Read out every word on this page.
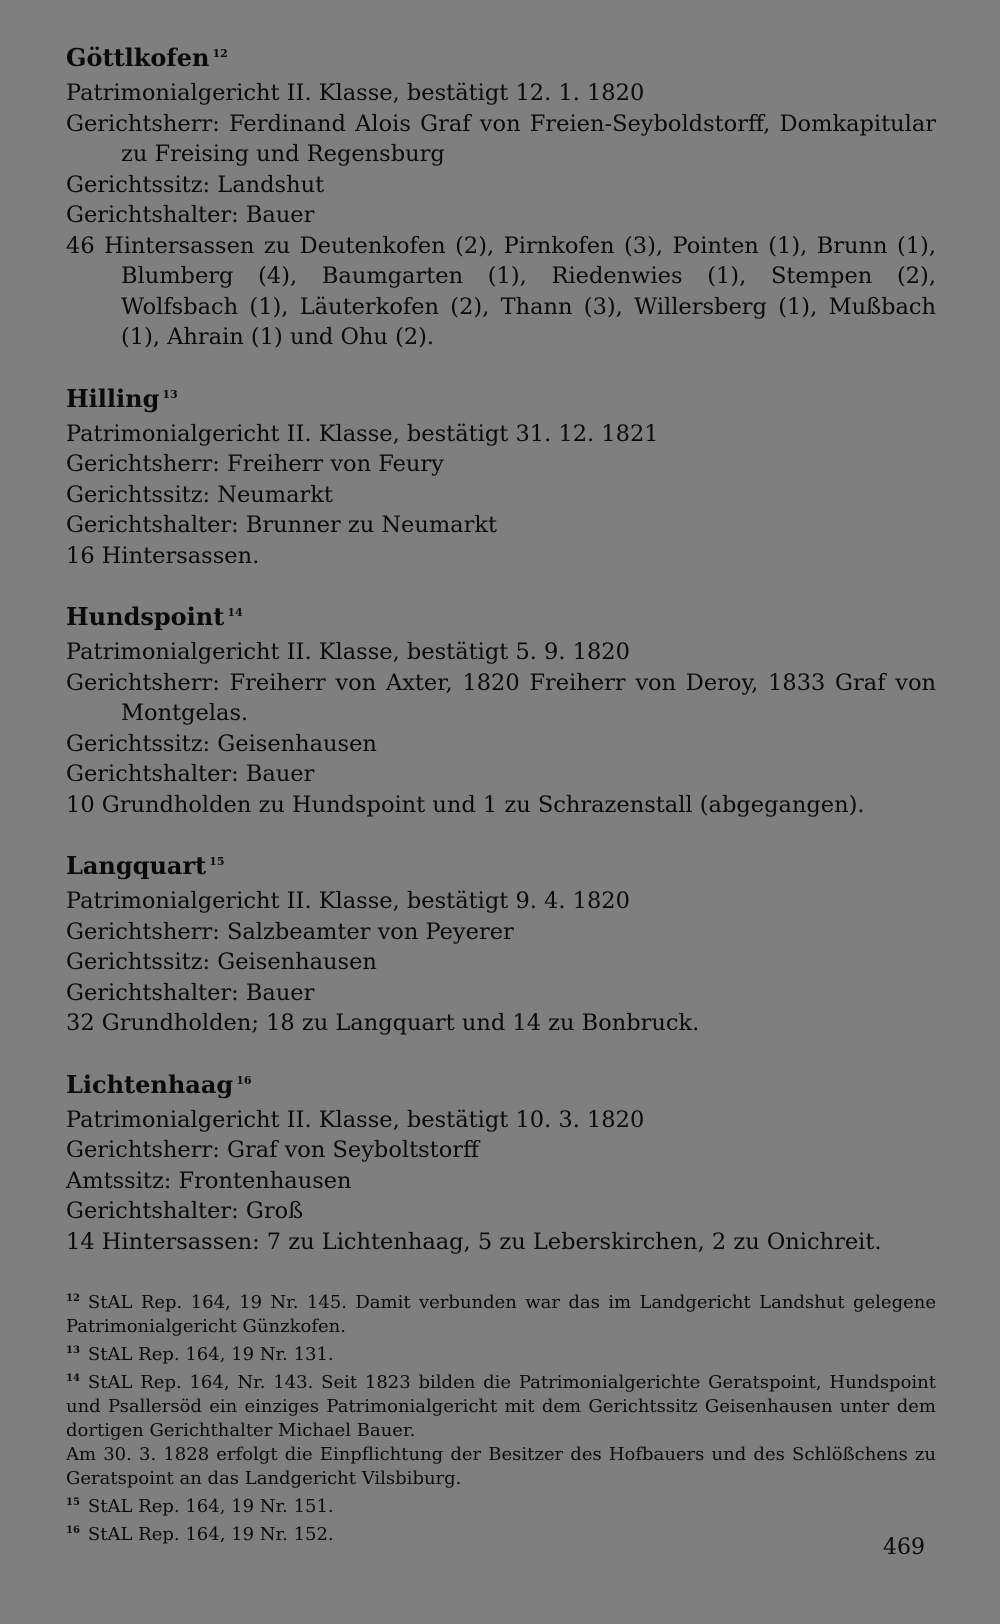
Göttlkofen $^{12}$
Patrimonialgericht II. Klasse, bestätigt 12. 1. 1820
Gerichtsherr: Ferdinand Alois Graf von Freien-Seyboldstorff, Domkapitular zu Freising und Regensburg
Gerichtssitz: Landshut
Gerichtshalter: Bauer
46 Hintersassen zu Deutenkofen (2), Pirnkofen (3), Pointen (1), Brunn (1), Blumberg (4), Baumgarten (1), Riedenwies (1), Stempen (2), Wolfsbach (1), Läuterkofen (2), Thann (3), Willersberg (1), Mußbach (1), Ahrain (1) und Ohu (2).
Hilling $^{13}$
Patrimonialgericht II. Klasse, bestätigt 31. 12. 1821
Gerichtsherr: Freiherr von Feury
Gerichtssitz: Neumarkt
Gerichtshalter: Brunner zu Neumarkt
16 Hintersassen.
Hundspoint $^{14}$
Patrimonialgericht II. Klasse, bestätigt 5. 9. 1820
Gerichtsherr: Freiherr von Axter, 1820 Freiherr von Deroy, 1833 Graf von Montgelas.
Gerichtssitz: Geisenhausen
Gerichtshalter: Bauer
10 Grundholden zu Hundspoint und 1 zu Schrazenstall (abgegangen).
Langquart $^{15}$
Patrimonialgericht II. Klasse, bestätigt 9. 4. 1820
Gerichtsherr: Salzbeamter von Peyerer
Gerichtssitz: Geisenhausen
Gerichtshalter: Bauer
32 Grundholden; 18 zu Langquart und 14 zu Bonbruck.
Lichtenhaag $^{16}$
Patrimonialgericht II. Klasse, bestätigt 10. 3. 1820
Gerichtsherr: Graf von Seyboltstorff
Amtssitz: Frontenhausen
Gerichtshalter: Groß
14 Hintersassen: 7 zu Lichtenhaag, 5 zu Leberskirchen, 2 zu Onichreit.
$^{12}$ StAL Rep. 164, 19 Nr. 145. Damit verbunden war das im Landgericht Landshut gelegene Patrimonialgericht Günzkofen.
$^{13}$ StAL Rep. 164, 19 Nr. 131.
$^{14}$ StAL Rep. 164, Nr. 143. Seit 1823 bilden die Patrimonialgerichte Geratspoint, Hundspoint und Psallersöd ein einziges Patrimonialgericht mit dem Gerichtssitz Geisenhausen unter dem dortigen Gerichthalter Michael Bauer.
Am 30. 3. 1828 erfolgt die Einpflichtung der Besitzer des Hofbauers und des Schlößchens zu Geratspoint an das Landgericht Vilsbiburg.
$^{15}$ StAL Rep. 164, 19 Nr. 151.
$^{16}$ StAL Rep. 164, 19 Nr. 152.
469
